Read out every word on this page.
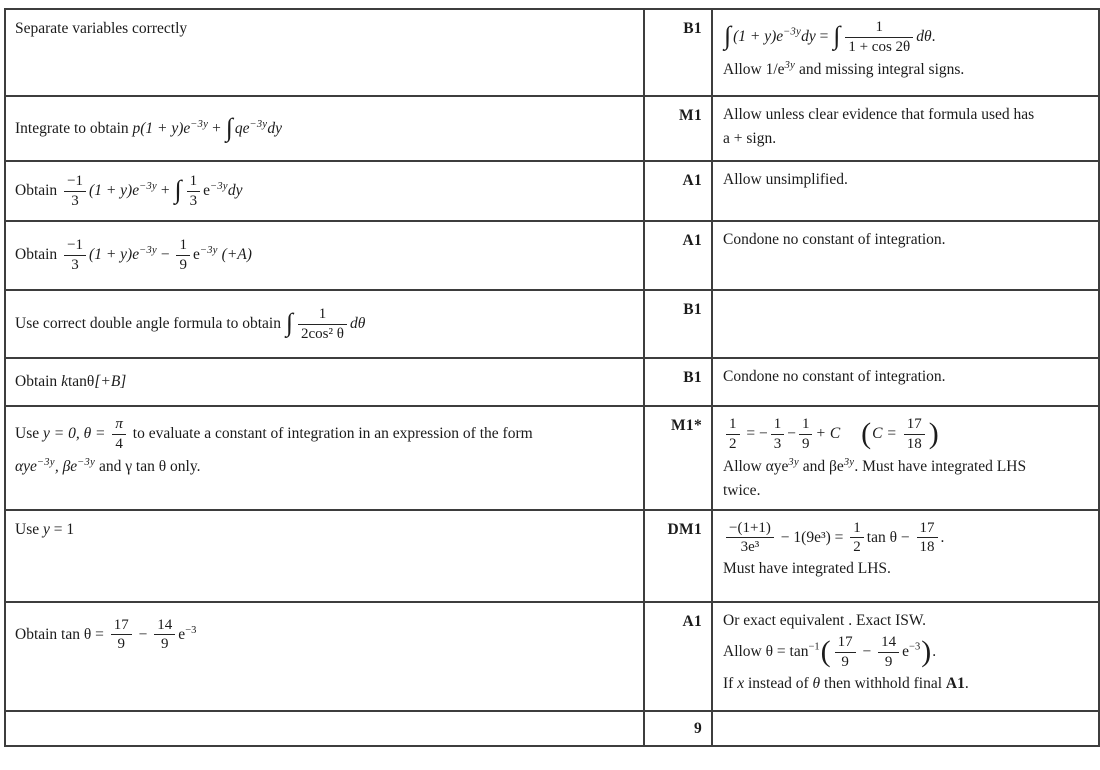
Separate variables correctly	B1	∫ $(1 + y)e^{-3y}dy$ = ∫ $\frac{1}{1 + \cos 2\theta} d\theta$.
Allow $1/e^{3y}$ and missing integral signs.

Integrate to obtain $p(1 + y)e^{-3y}$ + ∫ $qe^{-3y}dy$	M1	Allow unless clear evidence that formula used has
a + sign.

Obtain $\frac{-1}{3} (1 + y)e^{-3y}$ + ∫ $\frac{1}{3} e^{-3y}dy$	A1	Allow unsimplified.

Obtain $\frac{-1}{3} (1 + y)e^{-3y} - \frac{1}{9} e^{-3y}$ (+A)	A1	Condone no constant of integration.

Use correct double angle formula to obtain ∫ $\frac{1}{\text{2cos² θ}}$ dθ	B1	
Obtain ktanθ[+B]	B1	Condone no constant of integration.

Use y = 0, $\theta = \frac{\pi}{4}$ to evaluate a constant of integration in an expression of the form
αye$^{-3y}$, $\beta e^{-3y}$ and γ tan θ only.
	M1*	$\frac{1}{2}$ = − $\frac{1}{3} - \frac{1}{9} + C$ ($C = \frac{17}{18}$ )
Allow αye$^{3y}$ and $\beta e^{3y}$. Must have integrated LHS
twice.

Use y = 1	DM1	$\frac{-(1+1)}{\text{3e³}} - 1(9e^3) = \frac{1}{2}$ $\tan \theta - \frac{17}{18}$ .
Must have integrated LHS.

Obtain $\tan \theta = \frac{17}{9} - \frac{14}{9} e^{-3}$	A1	Or exact equivalent . Exact ISW.
Allow $\theta = \tan^{-1}( \frac{17}{9} - \frac{14}{9} e^{-3})$.
If x instead of θ then withhold final A1.

	9	
